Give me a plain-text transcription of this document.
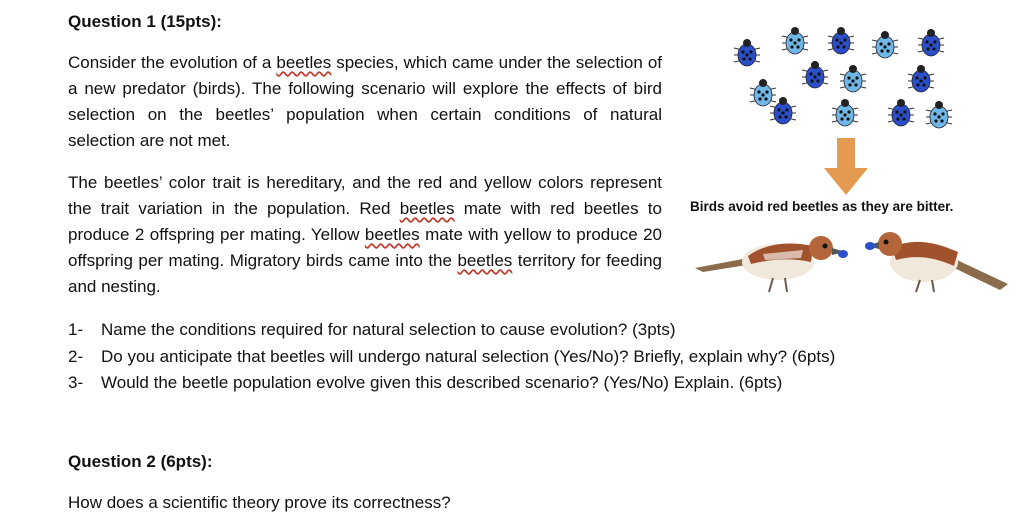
Question 1 (15pts):
Consider the evolution of a beetles species, which came under the selection of a new predator (birds). The following scenario will explore the effects of bird selection on the beetles’ population when certain conditions of natural selection are not met.
The beetles’ color trait is hereditary, and the red and yellow colors represent the trait variation in the population. Red beetles mate with red beetles to produce 2 offspring per mating. Yellow beetles mate with yellow to produce 20 offspring per mating. Migratory birds came into the beetles territory for feeding and nesting.
Birds avoid red beetles as they are bitter.
1- Name the conditions required for natural selection to cause evolution? (3pts)
2- Do you anticipate that beetles will undergo natural selection (Yes/No)? Briefly, explain why? (6pts)
3- Would the beetle population evolve given this described scenario? (Yes/No) Explain. (6pts)
Question 2 (6pts):
How does a scientific theory prove its correctness?
